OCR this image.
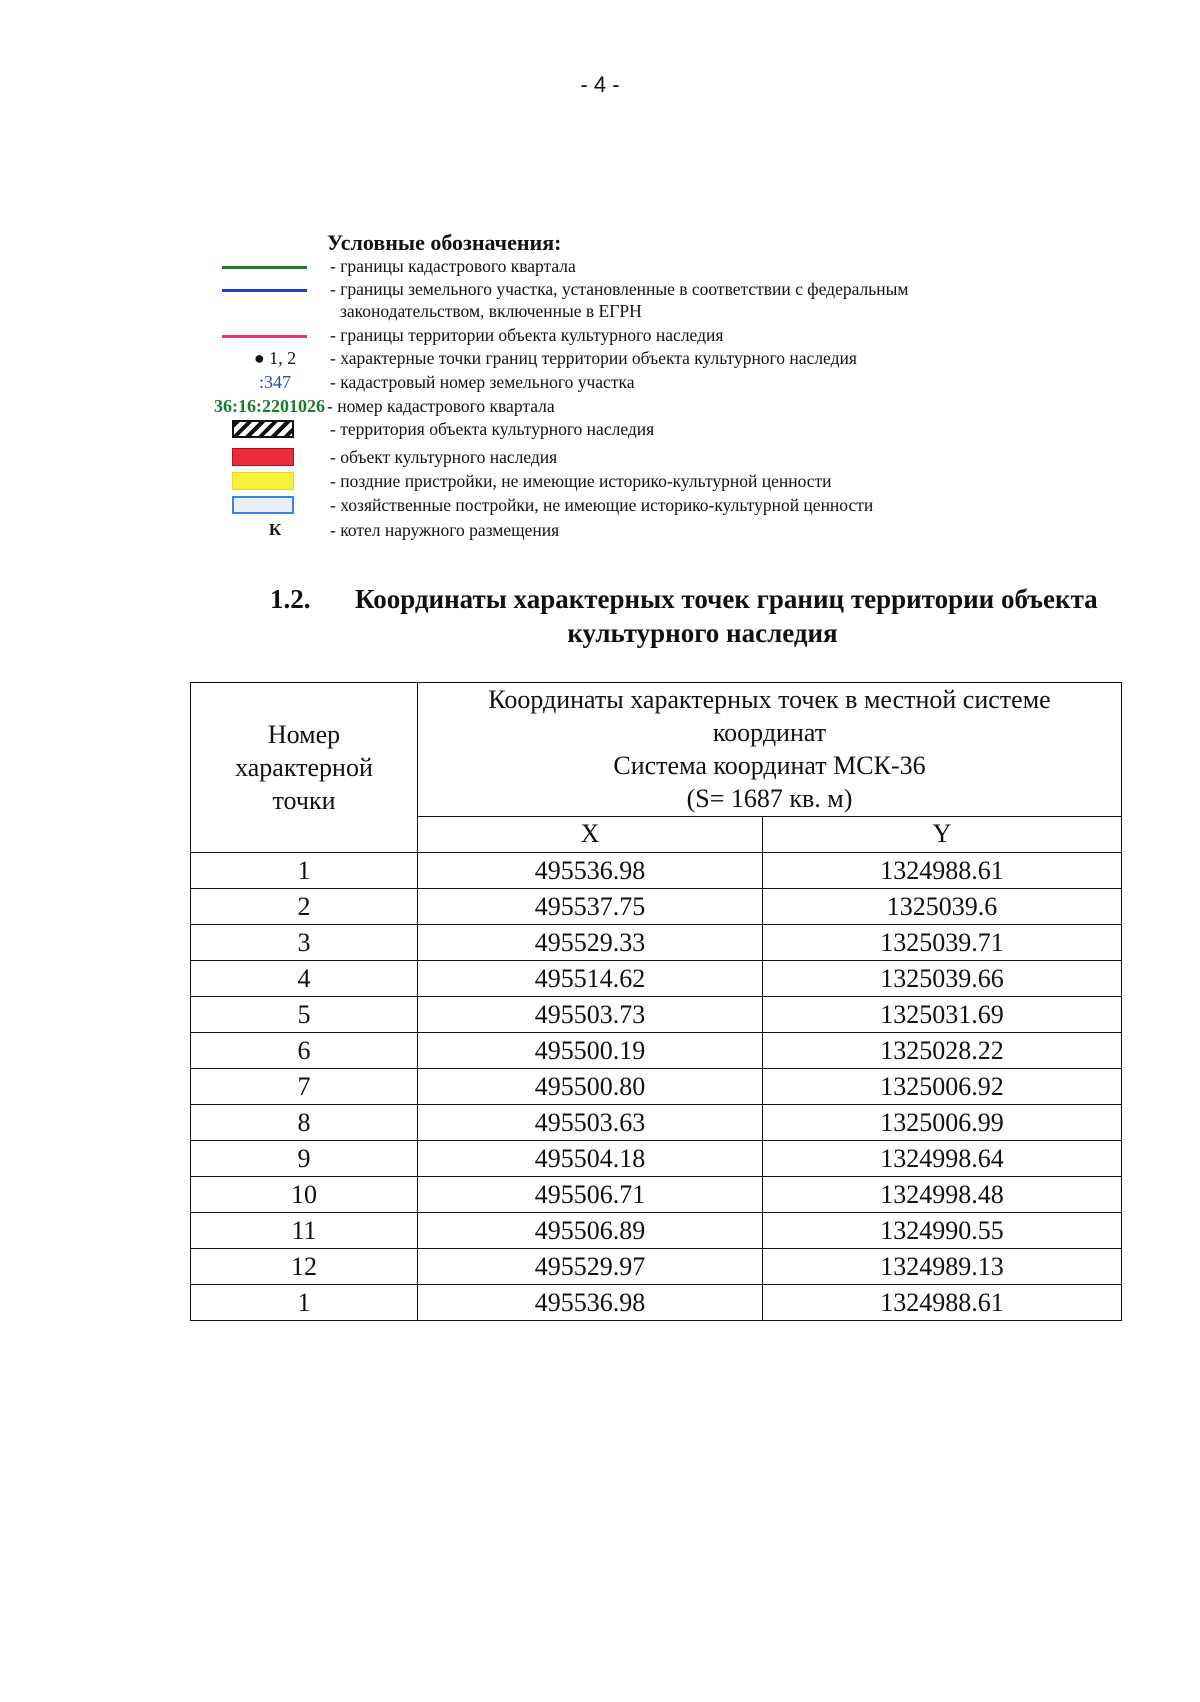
- 4 -
Условные обозначения:
- границы кадастрового квартала
- границы земельного участка, установленные в соответствии с федеральным
законодательством, включенные в ЕГРН
- границы территории объекта культурного наследия
● 1, 2	- характерные точки границ территории объекта культурного наследия
:347	- кадастровый номер земельного участка
36:16:2201026 - номер кадастрового квартала
- территория объекта культурного наследия
- объект культурного наследия
- поздние пристройки, не имеющие историко-культурной ценности
- хозяйственные постройки, не имеющие историко-культурной ценности
К	- котел наружного размещения
1.2. Координаты характерных точек границ территории объекта
культурного наследия
Номер характерной точки	Координаты характерных точек в местной системе
координат
Система координат МСК-36
(S= 1687 кв. м)	

	X	Y
1	495536.98	1324988.61
2	495537.75	1325039.6
3	495529.33	1325039.71
4	495514.62	1325039.66
5	495503.73	1325031.69
6	495500.19	1325028.22
7	495500.80	1325006.92
8	495503.63	1325006.99
9	495504.18	1324998.64
10	495506.71	1324998.48
11	495506.89	1324990.55
12	495529.97	1324989.13
1	495536.98	1324988.61
